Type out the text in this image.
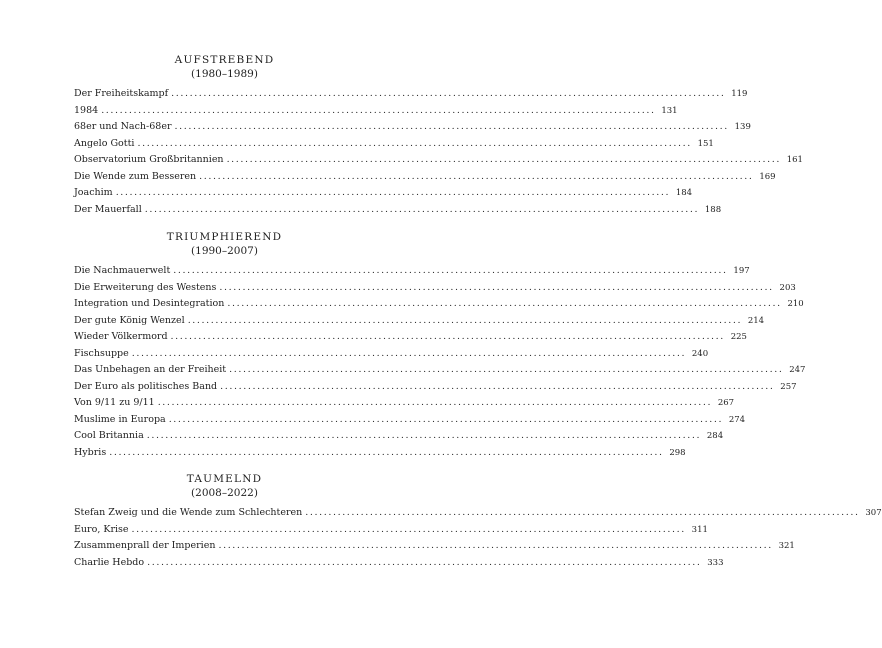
AUFSTREBEND

(1980–1989)

Der Freiheitskampf ........................................................................................................................ 119
1984 ........................................................................................................................ 131
68er und Nach-68er ........................................................................................................................ 139
Angelo Gotti ........................................................................................................................ 151
Observatorium Großbritannien ........................................................................................................................ 161
Die Wende zum Besseren ........................................................................................................................ 169
Joachim ........................................................................................................................ 184
Der Mauerfall ........................................................................................................................ 188

TRIUMPHIEREND

(1990–2007)

Die Nachmauerwelt ........................................................................................................................ 197
Die Erweiterung des Westens ........................................................................................................................ 203
Integration und Desintegration ........................................................................................................................ 210
Der gute König Wenzel ........................................................................................................................ 214
Wieder Völkermord ........................................................................................................................ 225
Fischsuppe ........................................................................................................................ 240
Das Unbehagen an der Freiheit ........................................................................................................................ 247
Der Euro als politisches Band ........................................................................................................................ 257
Von 9/11 zu 9/11 ........................................................................................................................ 267
Muslime in Europa ........................................................................................................................ 274
Cool Britannia ........................................................................................................................ 284
Hybris ........................................................................................................................ 298

TAUMELND

(2008–2022)

Stefan Zweig und die Wende zum Schlechteren ........................................................................................................................ 307
Euro, Krise ........................................................................................................................ 311
Zusammenprall der Imperien ........................................................................................................................ 321
Charlie Hebdo ........................................................................................................................ 333
